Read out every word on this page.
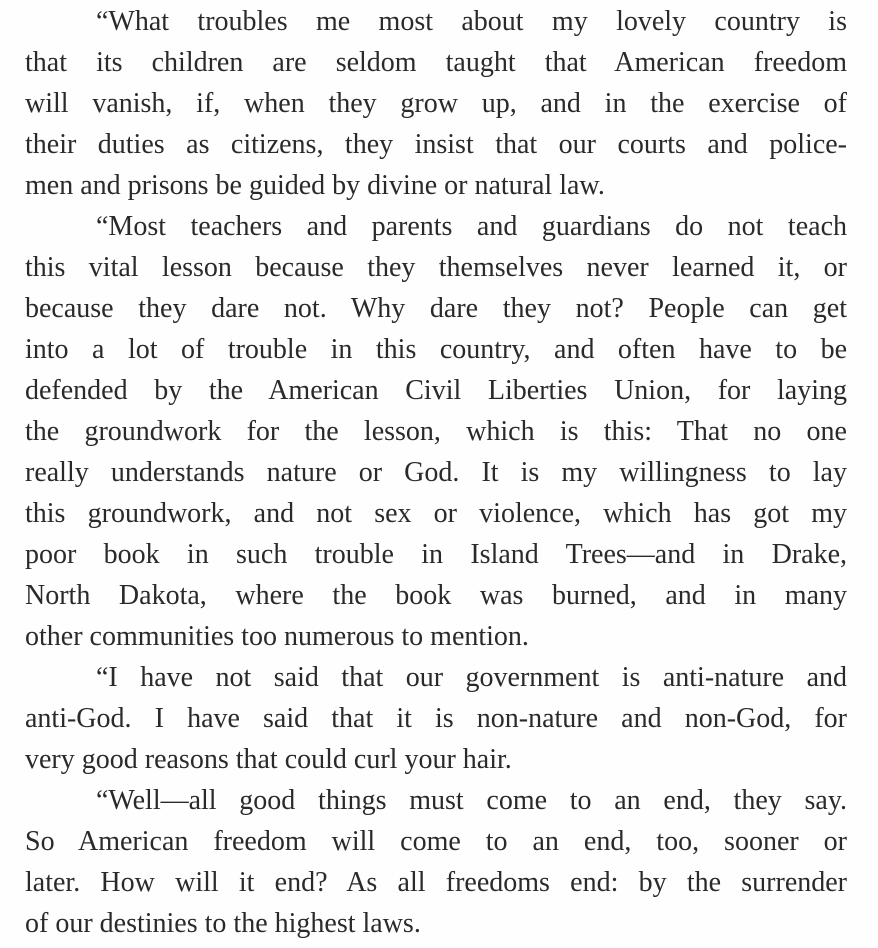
“What troubles me most about my lovely country is
that its children are seldom taught that American freedom
will vanish, if, when they grow up, and in the exercise of
their duties as citizens, they insist that our courts and police-
men and prisons be guided by divine or natural law.
“Most teachers and parents and guardians do not teach
this vital lesson because they themselves never learned it, or
because they dare not. Why dare they not? People can get
into a lot of trouble in this country, and often have to be
defended by the American Civil Liberties Union, for laying
the groundwork for the lesson, which is this: That no one
really understands nature or God. It is my willingness to lay
this groundwork, and not sex or violence, which has got my
poor book in such trouble in Island Trees—and in Drake,
North Dakota, where the book was burned, and in many
other communities too numerous to mention.
“I have not said that our government is anti-nature and
anti-God. I have said that it is non-nature and non-God, for
very good reasons that could curl your hair.
“Well—all good things must come to an end, they say.
So American freedom will come to an end, too, sooner or
later. How will it end? As all freedoms end: by the surrender
of our destinies to the highest laws.
